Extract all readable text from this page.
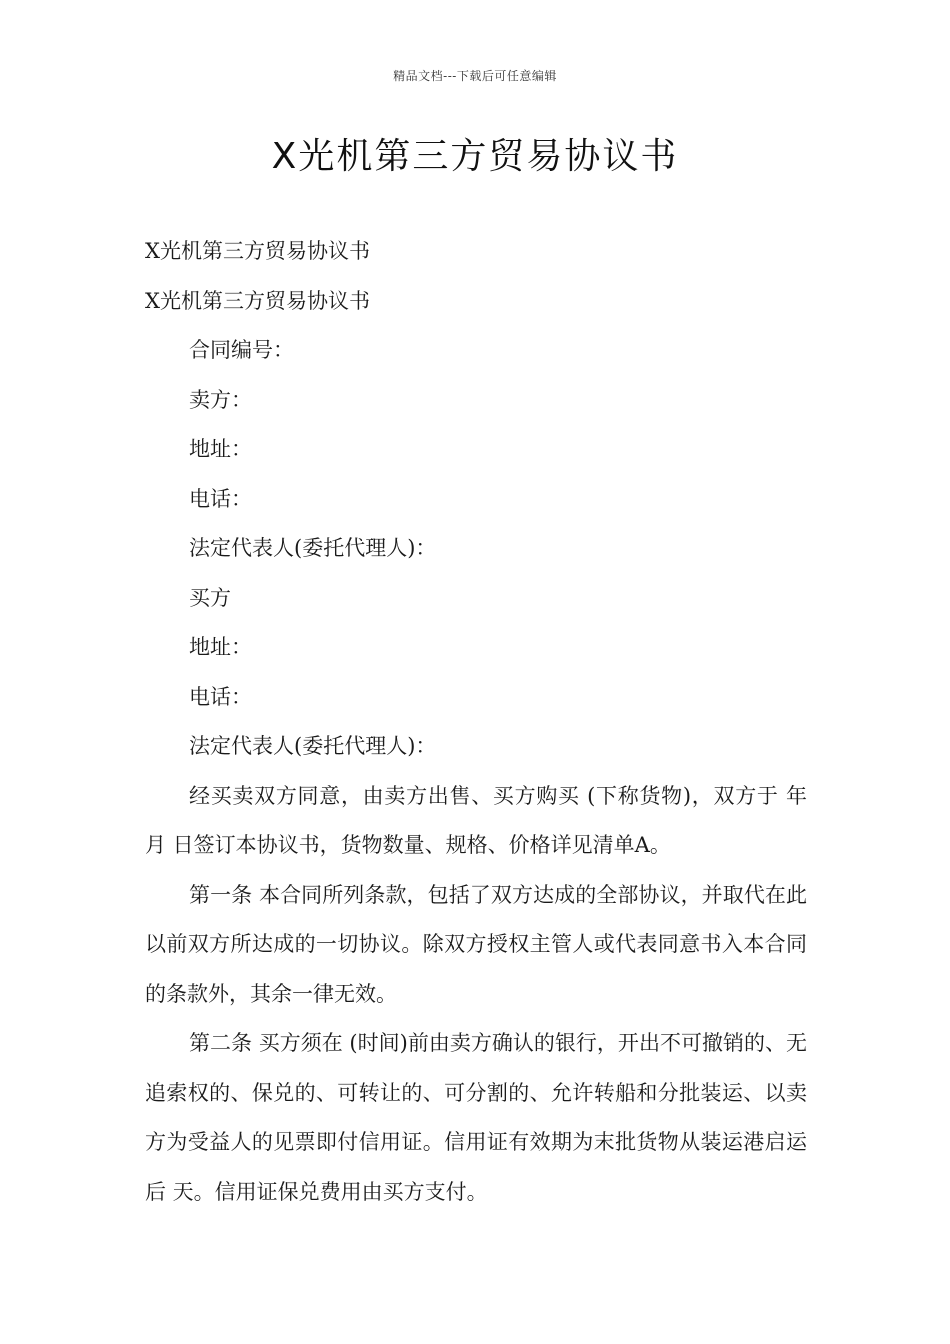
精品文档---下载后可任意编辑
X光机第三方贸易协议书

X光机第三方贸易协议书

X光机第三方贸易协议书

合同编号：

卖方：

地址：

电话：

法定代表人(委托代理人)：

买方

地址：

电话：

法定代表人(委托代理人)：

经买卖双方同意，由卖方出售、买方购买 (下称货物)，双方于 年 月 日签订本协议书，货物数量、规格、价格详见清单A。

第一条 本合同所列条款，包括了双方达成的全部协议，并取代在此以前双方所达成的一切协议。除双方授权主管人或代表同意书入本合同的条款外，其余一律无效。

第二条 买方须在 (时间)前由卖方确认的银行，开出不可撤销的、无追索权的、保兑的、可转让的、可分割的、允许转船和分批装运、以卖方为受益人的见票即付信用证。信用证有效期为末批货物从装运港启运后 天。信用证保兑费用由买方支付。
